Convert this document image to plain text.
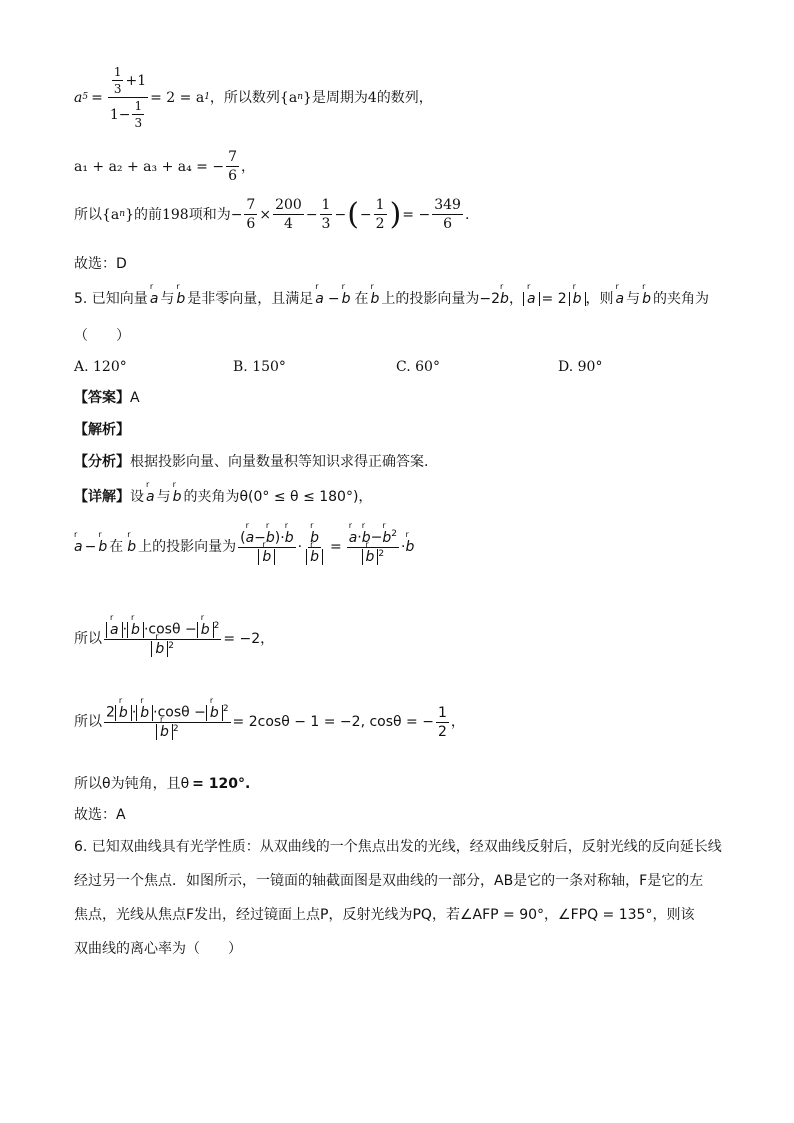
a $5 = \frac{\frac{1}{3} +1}{1- \frac{1}{3}} = 2 = a$ 1 ，所以数列{a n }是周期为4的数列，
a₁ + a₂ + a₃ + a₄ = − $\frac{7}{6}$ ，
所以{a n }的前198项和为− $\frac{7}{6} \times \frac{200}{4} - \frac{1}{3}$ − ( − $\frac{1}{2}$ ) = − $\frac{349}{6}$ .
故选：D
5. 已知向量 r a 与 r b 是非零向量，且满足 r a − r b 在 r b 上的投影向量为−2 r b ， r a = 2 r b ，则 r a 与 r b 的夹角为
（　　）
A. 120°	B. 150°	C. 60°	D. 90°
【答案】 A
【解析】
【分析】 根据投影向量、向量数量积等知识求得正确答案.
【详解】 设 r a 与 r b 的夹角为θ(0° ≤ θ ≤ 180°)，
r a − r b 在 r b 上的投影向量为 (r a−r b)·r b
r b · r b
r b = r a·r b−r $b^2$
r b $^2$ · r b
所以 r a · r b ·cosθ − r b $^2$
r b $^2$ = −2，
所以 2 r b · r b ·cosθ − r b $^2$
r b $^2$ = 2cosθ − 1 = −2, cosθ = − $\frac{1}{2}$ ，
所以θ为钝角，且θ = 120°.
故选：A
6. 已知双曲线具有光学性质：从双曲线的一个焦点出发的光线，经双曲线反射后，反射光线的反向延长线
经过另一个焦点．如图所示，一镜面的轴截面图是双曲线的一部分，AB是它的一条对称轴，F是它的左
焦点，光线从焦点F发出，经过镜面上点P，反射光线为PQ，若∠AFP = 90°，∠FPQ = 135°，则该
双曲线的离心率为（　　）
